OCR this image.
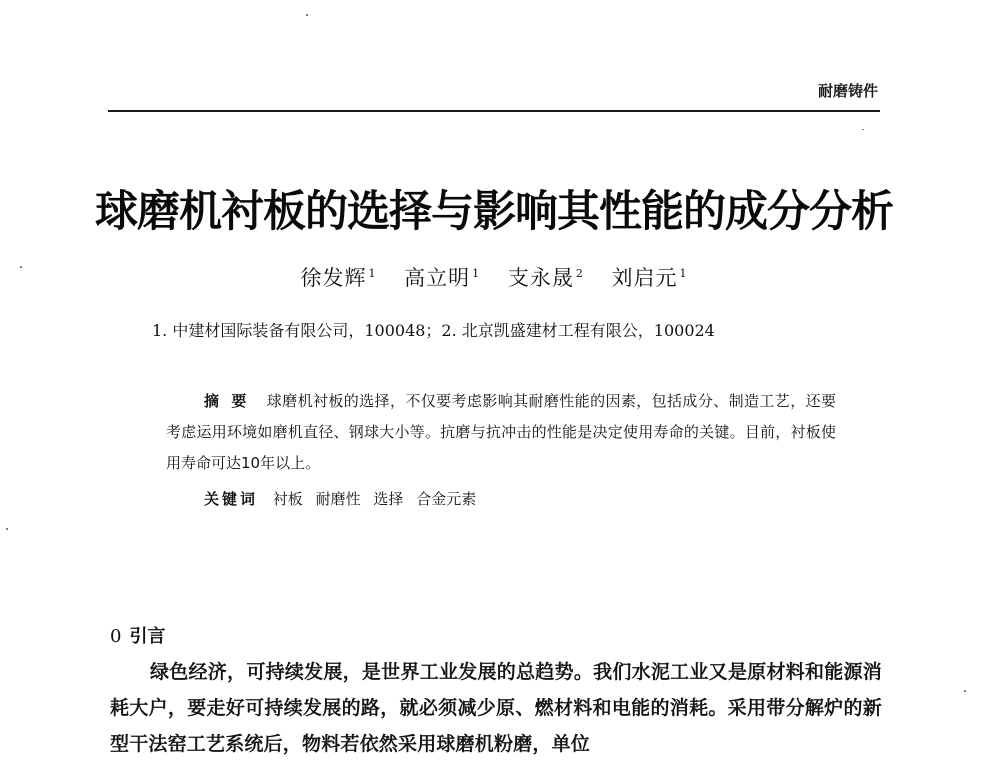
耐磨铸件
球磨机衬板的选择与影响其性能的成分分析
徐发辉 $^1$ 高立明 $^1$ 支永晟 $^2$ 刘启元 $^1$
1. 中建材国际装备有限公司，100048；2. 北京凯盛建材工程有限公，100024
摘要 球磨机衬板的选择，不仅要考虑影响其耐磨性能的因素，包括成分、制造工艺，还要考虑运用环境如磨机直径、钢球大小等。抗磨与抗冲击的性能是决定使用寿命的关键。目前，衬板使用寿命可达10年以上。
关键词 衬板 耐磨性 选择 合金元素
0 引言

绿色经济，可持续发展，是世界工业发展的总趋势。我们水泥工业又是原材料和能源消耗大户，要走好可持续发展的路，就必须减少原、燃材料和电能的消耗。采用带分解炉的新型干法窑工艺系统后，物料若依然采用球磨机粉磨，单位
